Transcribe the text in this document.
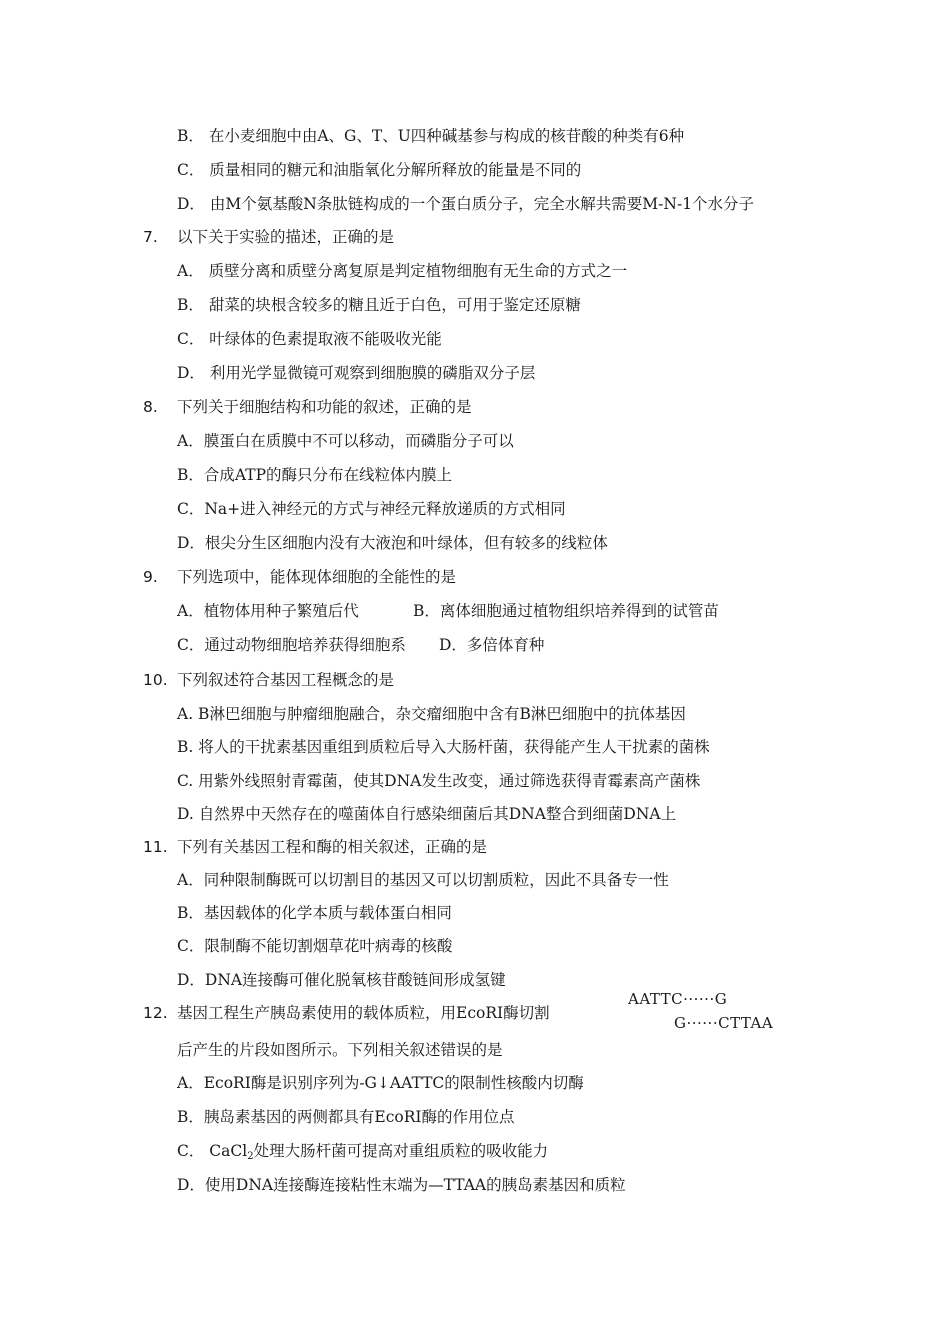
B． 在小麦细胞中由A、G、T、U四种碱基参与构成的核苷酸的种类有6种
C． 质量相同的糖元和油脂氧化分解所释放的能量是不同的
D． 由M个氨基酸N条肽链构成的一个蛋白质分子，完全水解共需要M-N-1个水分子
7. 以下关于实验的描述，正确的是
A． 质壁分离和质壁分离复原是判定植物细胞有无生命的方式之一
B． 甜菜的块根含较多的糖且近于白色，可用于鉴定还原糖
C． 叶绿体的色素提取液不能吸收光能
D． 利用光学显微镜可观察到细胞膜的磷脂双分子层
8. 下列关于细胞结构和功能的叙述，正确的是
A．膜蛋白在质膜中不可以移动，而磷脂分子可以
B．合成ATP的酶只分布在线粒体内膜上
C．Na+进入神经元的方式与神经元释放递质的方式相同
D．根尖分生区细胞内没有大液泡和叶绿体，但有较多的线粒体
9. 下列选项中，能体现体细胞的全能性的是
A．植物体用种子繁殖后代	B．离体细胞通过植物组织培养得到的试管苗
C．通过动物细胞培养获得细胞系 D．多倍体育种
10. 下列叙述符合基因工程概念的是
A. B淋巴细胞与肿瘤细胞融合，杂交瘤细胞中含有B淋巴细胞中的抗体基因
B. 将人的干扰素基因重组到质粒后导入大肠杆菌，获得能产生人干扰素的菌株
C. 用紫外线照射青霉菌，使其DNA发生改变，通过筛选获得青霉素高产菌株
D. 自然界中天然存在的噬菌体自行感染细菌后其DNA整合到细菌DNA上
11. 下列有关基因工程和酶的相关叙述，正确的是
A．同种限制酶既可以切割目的基因又可以切割质粒，因此不具备专一性
B．基因载体的化学本质与载体蛋白相同
C．限制酶不能切割烟草花叶病毒的核酸
D．DNA连接酶可催化脱氧核苷酸链间形成氢键
12. 基因工程生产胰岛素使用的载体质粒，用EcoRI酶切割
AATTC······G
G······CTTAA
后产生的片段如图所示。下列相关叙述错误的是
A．EcoRI酶是识别序列为-G↓AATTC的限制性核酸内切酶
B．胰岛素基因的两侧都具有EcoRI酶的作用位点
C． CaCl$_2$处理大肠杆菌可提高对重组质粒的吸收能力
D．使用DNA连接酶连接粘性末端为—TTAA的胰岛素基因和质粒
